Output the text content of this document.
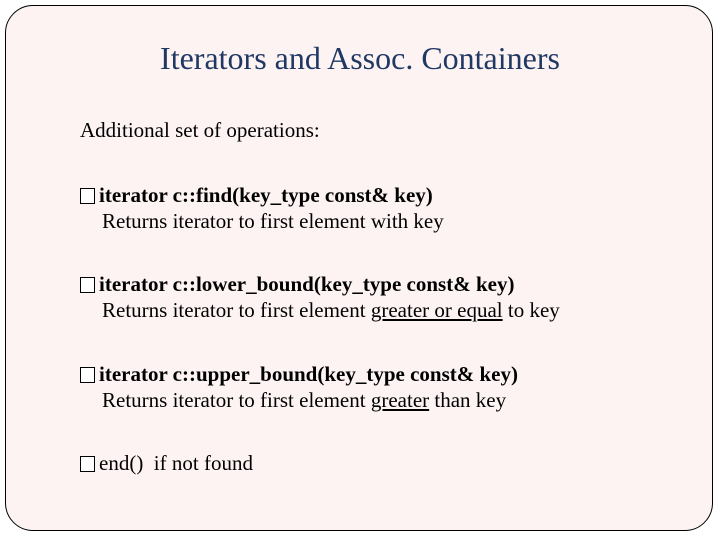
Iterators and Assoc. Containers
Additional set of operations:
iterator c::find(key_type const& key)
Returns iterator to first element with key
iterator c::lower_bound(key_type const& key)
Returns iterator to first element greater or equal to key
iterator c::upper_bound(key_type const& key)
Returns iterator to first element greater than key
end()  if not found
